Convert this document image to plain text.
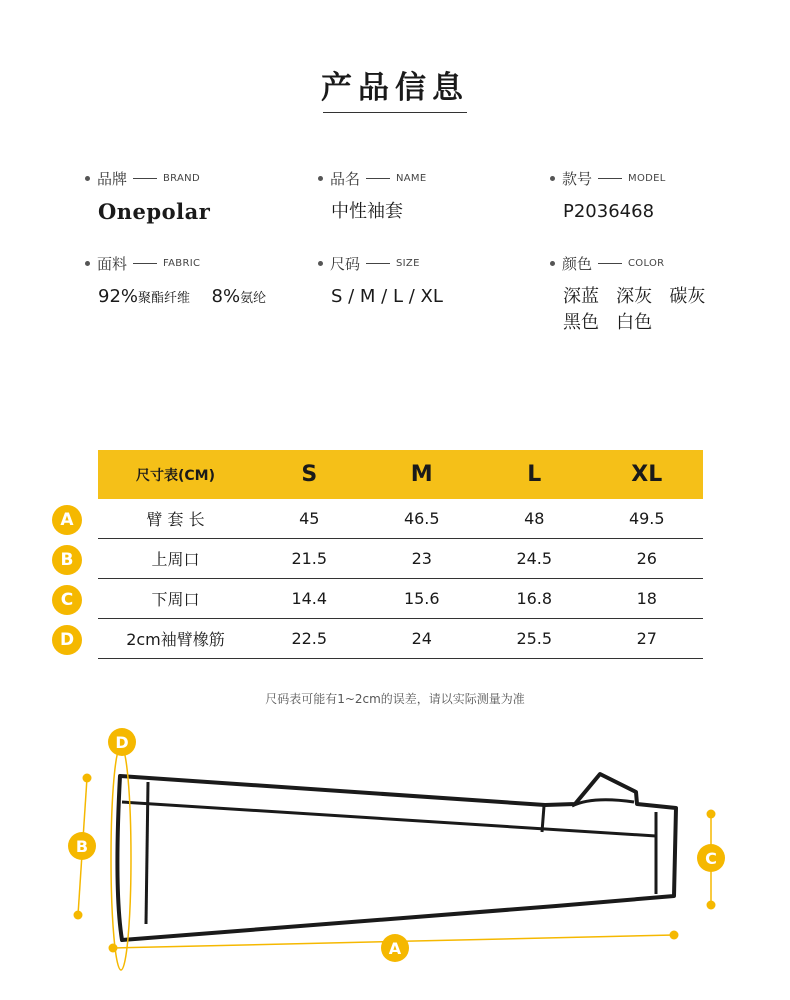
产品信息
品牌	BRAND
Onepolar
品名	NAME
中性袖套
款号	MODEL
P2036468
面料	FABRIC
92%聚酯纤维 8%氨纶
尺码	SIZE
S / M / L / XL
颜色	COLOR
深蓝   深灰   碳灰
黑色   白色
尺寸表(CM)	S	M	L	XL
臂 套 长	45	46.5	48	49.5
上周口	21.5	23	24.5	26
下周口	14.4	15.6	16.8	18
2cm袖臂橡筋	22.5	24	25.5	27
A
B
C
D
尺码表可能有1~2cm的误差，请以实际测量为准
D
B
C
A
